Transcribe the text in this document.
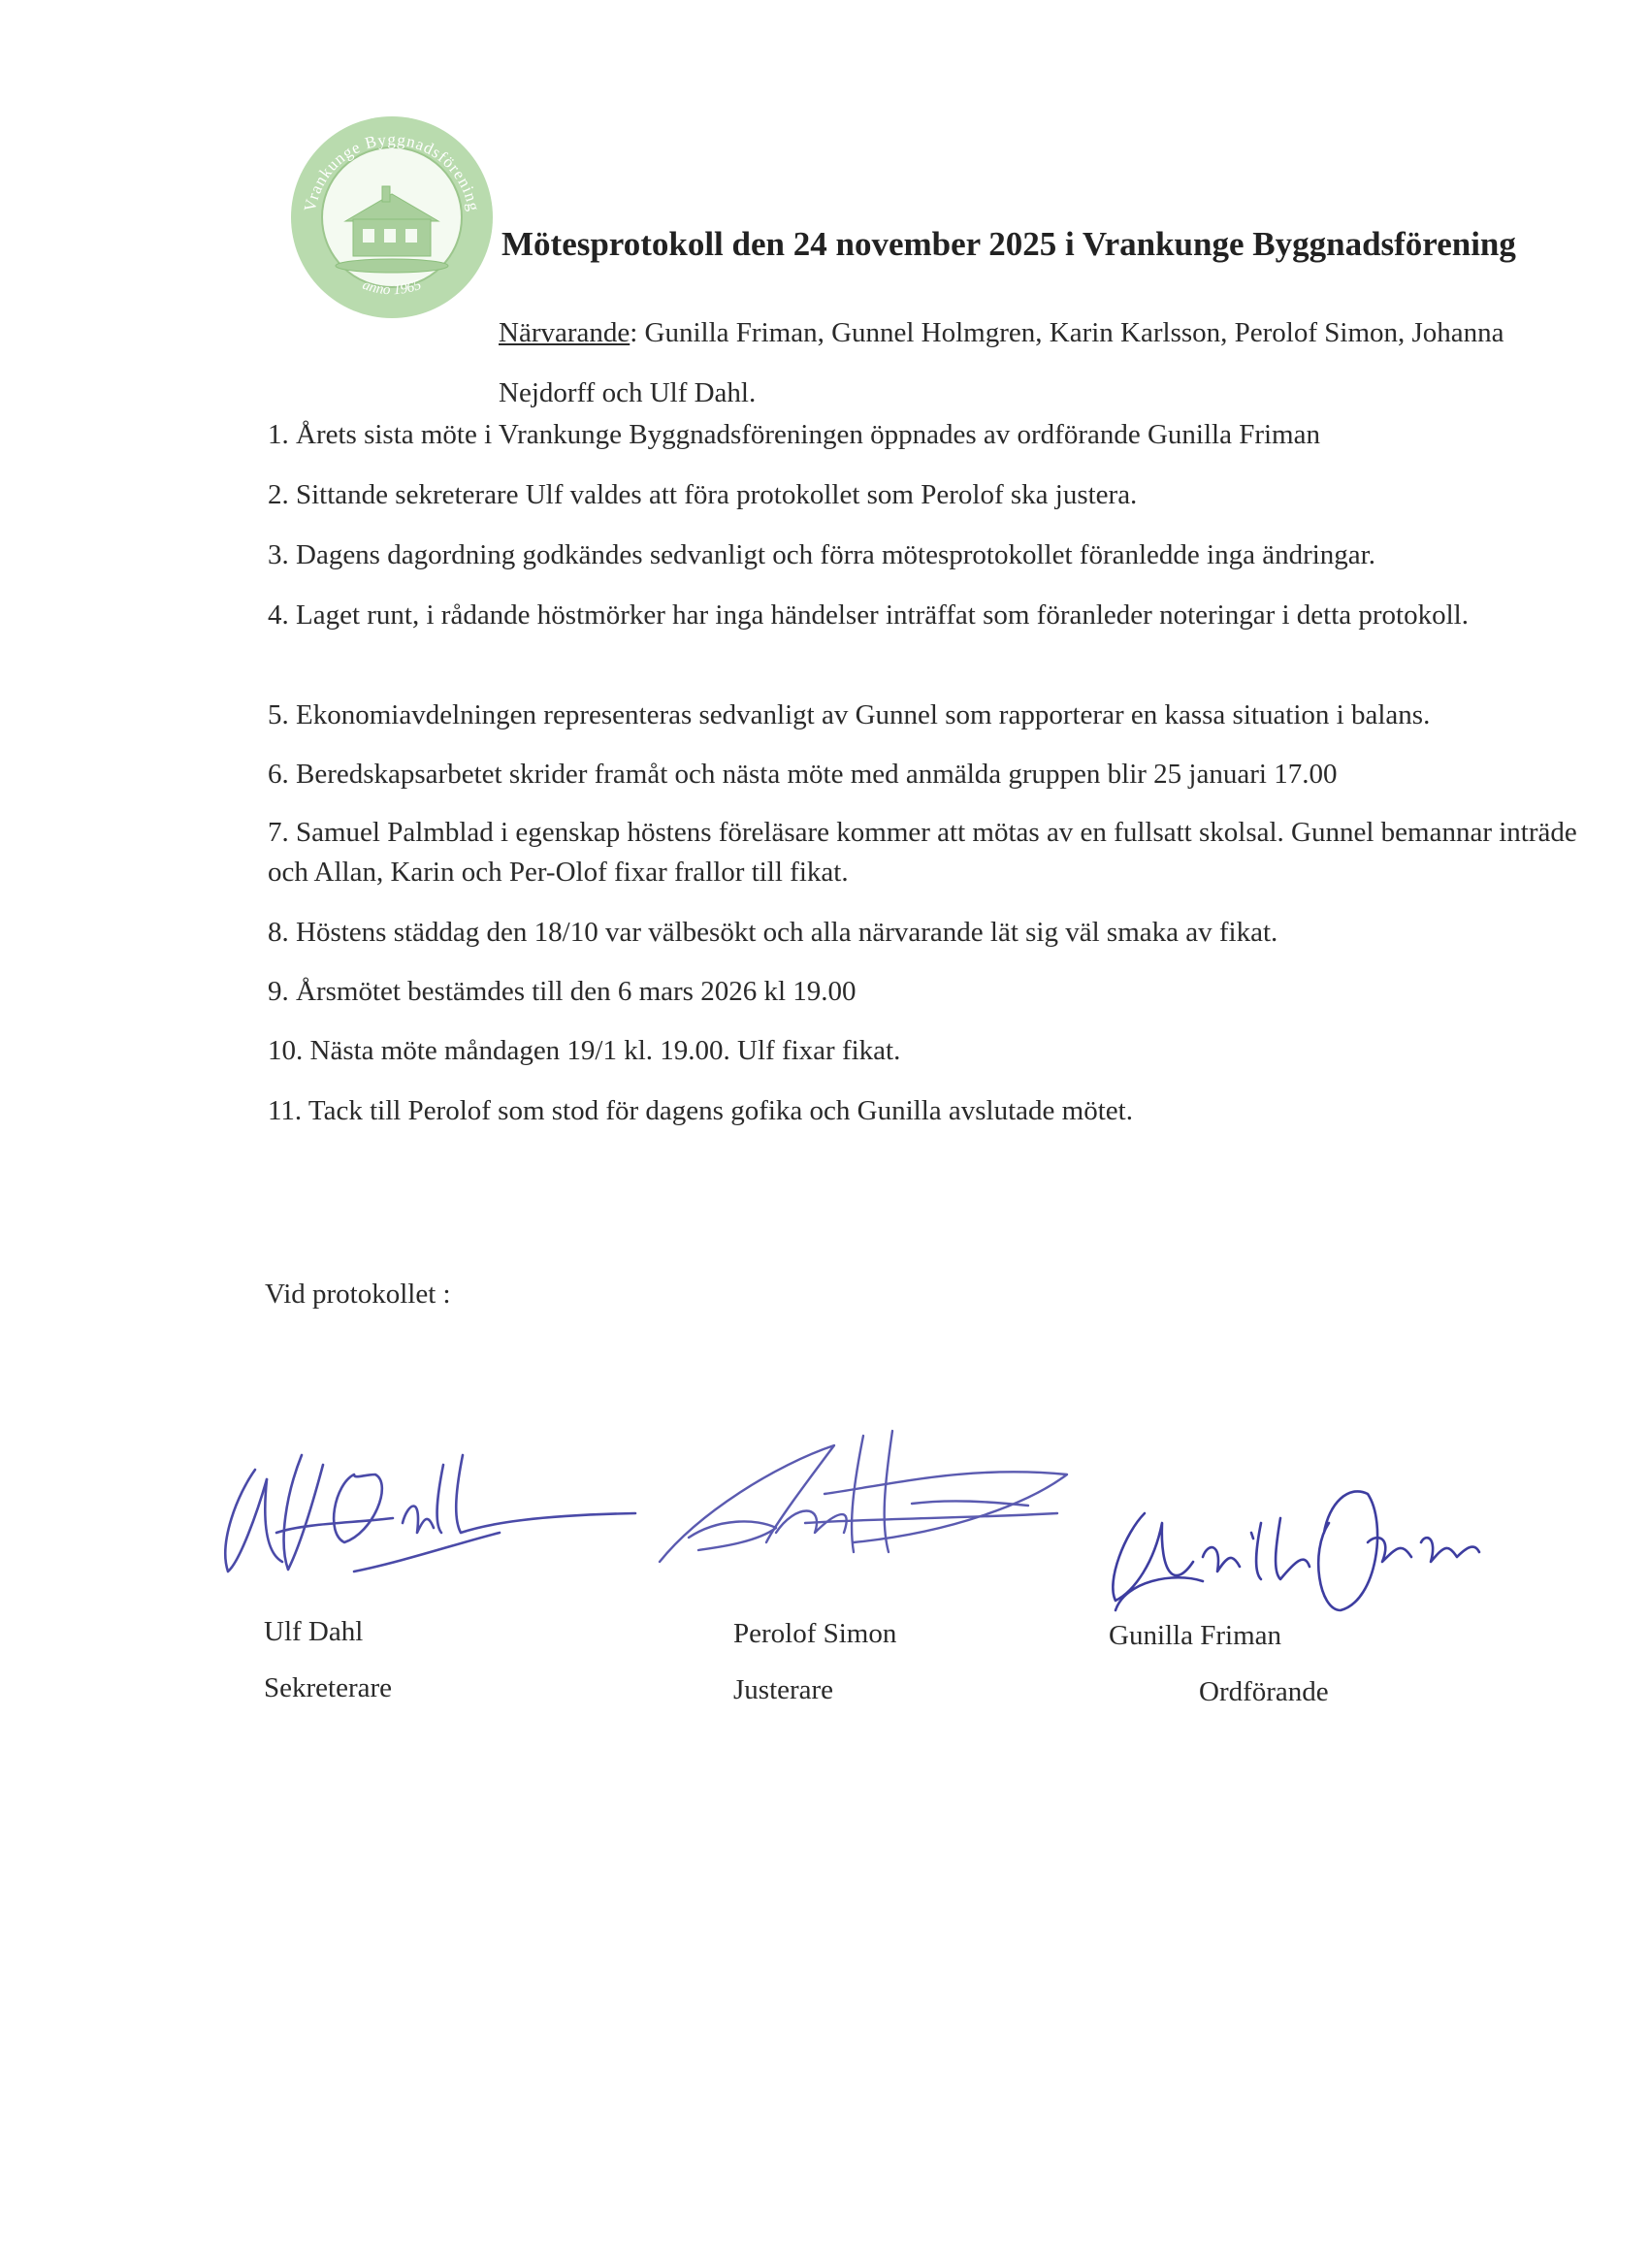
Vrankunge Byggnadsförening
anno 1965
Mötesprotokoll den 24 november 2025 i Vrankunge Byggnadsförening
Närvarande: Gunilla Friman, Gunnel Holmgren, Karin Karlsson, Perolof Simon, Johanna Nejdorff och Ulf Dahl.
1. Årets sista möte i Vrankunge Byggnadsföreningen öppnades av ordförande Gunilla Friman
2. Sittande sekreterare Ulf valdes att föra protokollet som Perolof ska justera.
3. Dagens dagordning godkändes sedvanligt och förra mötesprotokollet föranledde inga ändringar.
4. Laget runt, i rådande höstmörker har inga händelser inträffat som föranleder noteringar i detta protokoll.
5. Ekonomiavdelningen representeras sedvanligt av Gunnel som rapporterar en kassa situation i balans.
6. Beredskapsarbetet skrider framåt och nästa möte med anmälda gruppen blir 25 januari 17.00
7. Samuel Palmblad i egenskap höstens föreläsare kommer att mötas av en fullsatt skolsal. Gunnel bemannar inträde och Allan, Karin och Per-Olof fixar frallor till fikat.
8. Höstens städdag den 18/10 var välbesökt och alla närvarande lät sig väl smaka av fikat.
9. Årsmötet bestämdes till den 6 mars 2026 kl 19.00
10. Nästa möte måndagen 19/1 kl. 19.00. Ulf fixar fikat.
11. Tack till Perolof som stod för dagens gofika och Gunilla avslutade mötet.
Vid protokollet :
Ulf Dahl
Sekreterare
Perolof Simon
Justerare
Gunilla Friman
Ordförande
